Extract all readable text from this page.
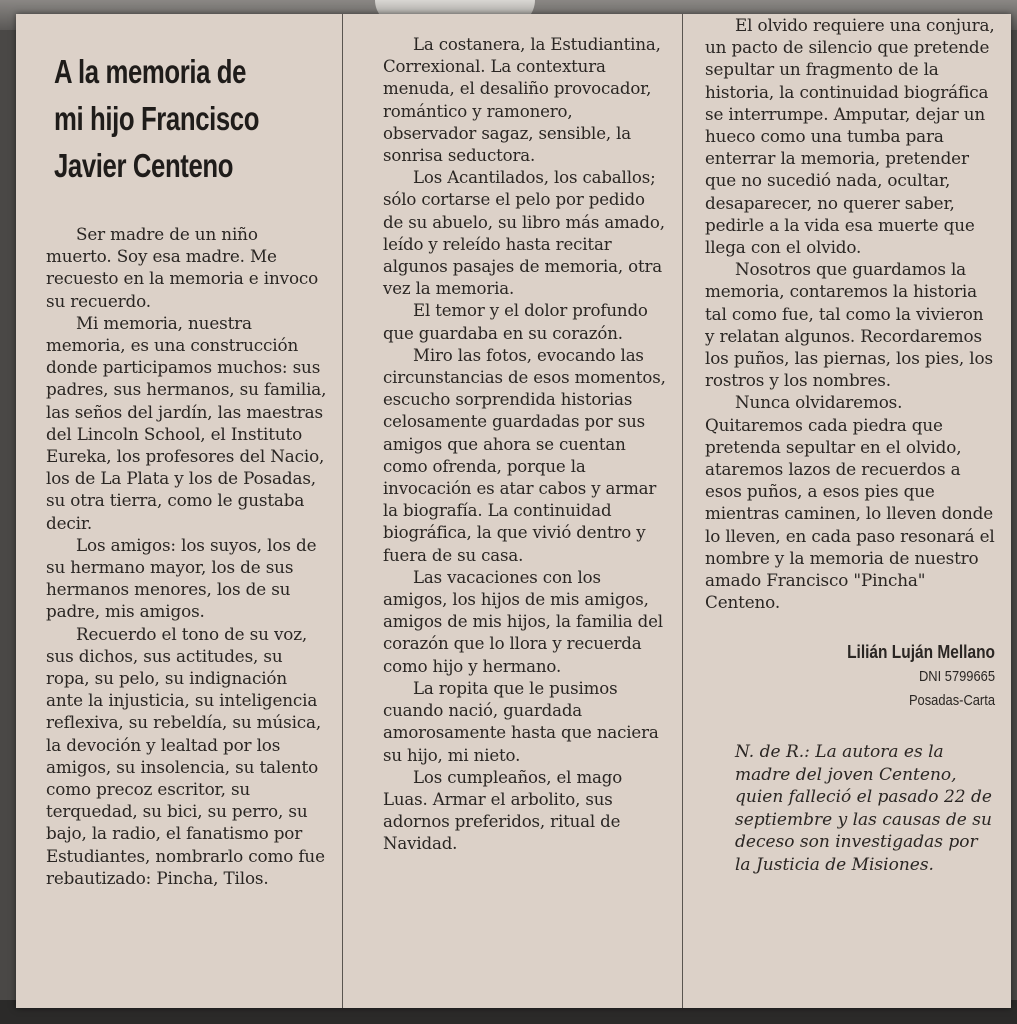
A la memoria de
mi hijo Francisco
Javier Centeno

Ser madre de un niño muerto. Soy esa madre. Me recuesto en la memoria e invoco su recuerdo.

Mi memoria, nuestra memoria, es una construcción donde participamos muchos: sus padres, sus hermanos, su familia, las seños del jardín, las maestras del Lincoln School, el Instituto Eureka, los profesores del Nacio, los de La Plata y los de Posadas, su otra tierra, como le gustaba decir.

Los amigos: los suyos, los de su hermano mayor, los de sus hermanos menores, los de su padre, mis amigos.

Recuerdo el tono de su voz, sus dichos, sus actitudes, su ropa, su pelo, su indignación ante la injusticia, su inteligencia reflexiva, su rebeldía, su música, la devoción y lealtad por los amigos, su insolencia, su talento como precoz escritor, su terquedad, su bici, su perro, su bajo, la radio, el fanatismo por Estudiantes, nombrarlo como fue rebautizado: Pincha, Tilos.

La costanera, la Estudiantina, Correxional. La contextura menuda, el desaliño provocador, romántico y ramonero, observador sagaz, sensible, la sonrisa seductora.

Los Acantilados, los caballos; sólo cortarse el pelo por pedido de su abuelo, su libro más amado, leído y releído hasta recitar algunos pasajes de memoria, otra vez la memoria.

El temor y el dolor profundo que guardaba en su corazón.

Miro las fotos, evocando las circunstancias de esos momentos, escucho sorprendida historias celosamente guardadas por sus amigos que ahora se cuentan como ofrenda, porque la invocación es atar cabos y armar la biografía. La continuidad biográfica, la que vivió dentro y fuera de su casa.

Las vacaciones con los amigos, los hijos de mis amigos, amigos de mis hijos, la familia del corazón que lo llora y recuerda como hijo y hermano.

La ropita que le pusimos cuando nació, guardada amorosamente hasta que naciera su hijo, mi nieto.

Los cumpleaños, el mago Luas. Armar el arbolito, sus adornos preferidos, ritual de Navidad.

El olvido requiere una conjura, un pacto de silencio que pretende sepultar un fragmento de la historia, la continuidad biográfica se interrumpe. Amputar, dejar un hueco como una tumba para enterrar la memoria, pretender que no sucedió nada, ocultar, desaparecer, no querer saber, pedirle a la vida esa muerte que llega con el olvido.

Nosotros que guardamos la memoria, contaremos la historia tal como fue, tal como la vivieron y relatan algunos. Recordaremos los puños, las piernas, los pies, los rostros y los nombres.

Nunca olvidaremos. Quitaremos cada piedra que pretenda sepultar en el olvido, ataremos lazos de recuerdos a esos puños, a esos pies que mientras caminen, lo lleven donde lo lleven, en cada paso resonará el nombre y la memoria de nuestro amado Francisco "Pincha" Centeno.

Lilián Luján Mellano
DNI 5799665
Posadas-Carta
N. de R.: La autora es la madre del joven Centeno, quien falleció el pasado 22 de septiembre y las causas de su deceso son investigadas por la Justicia de Misiones.
